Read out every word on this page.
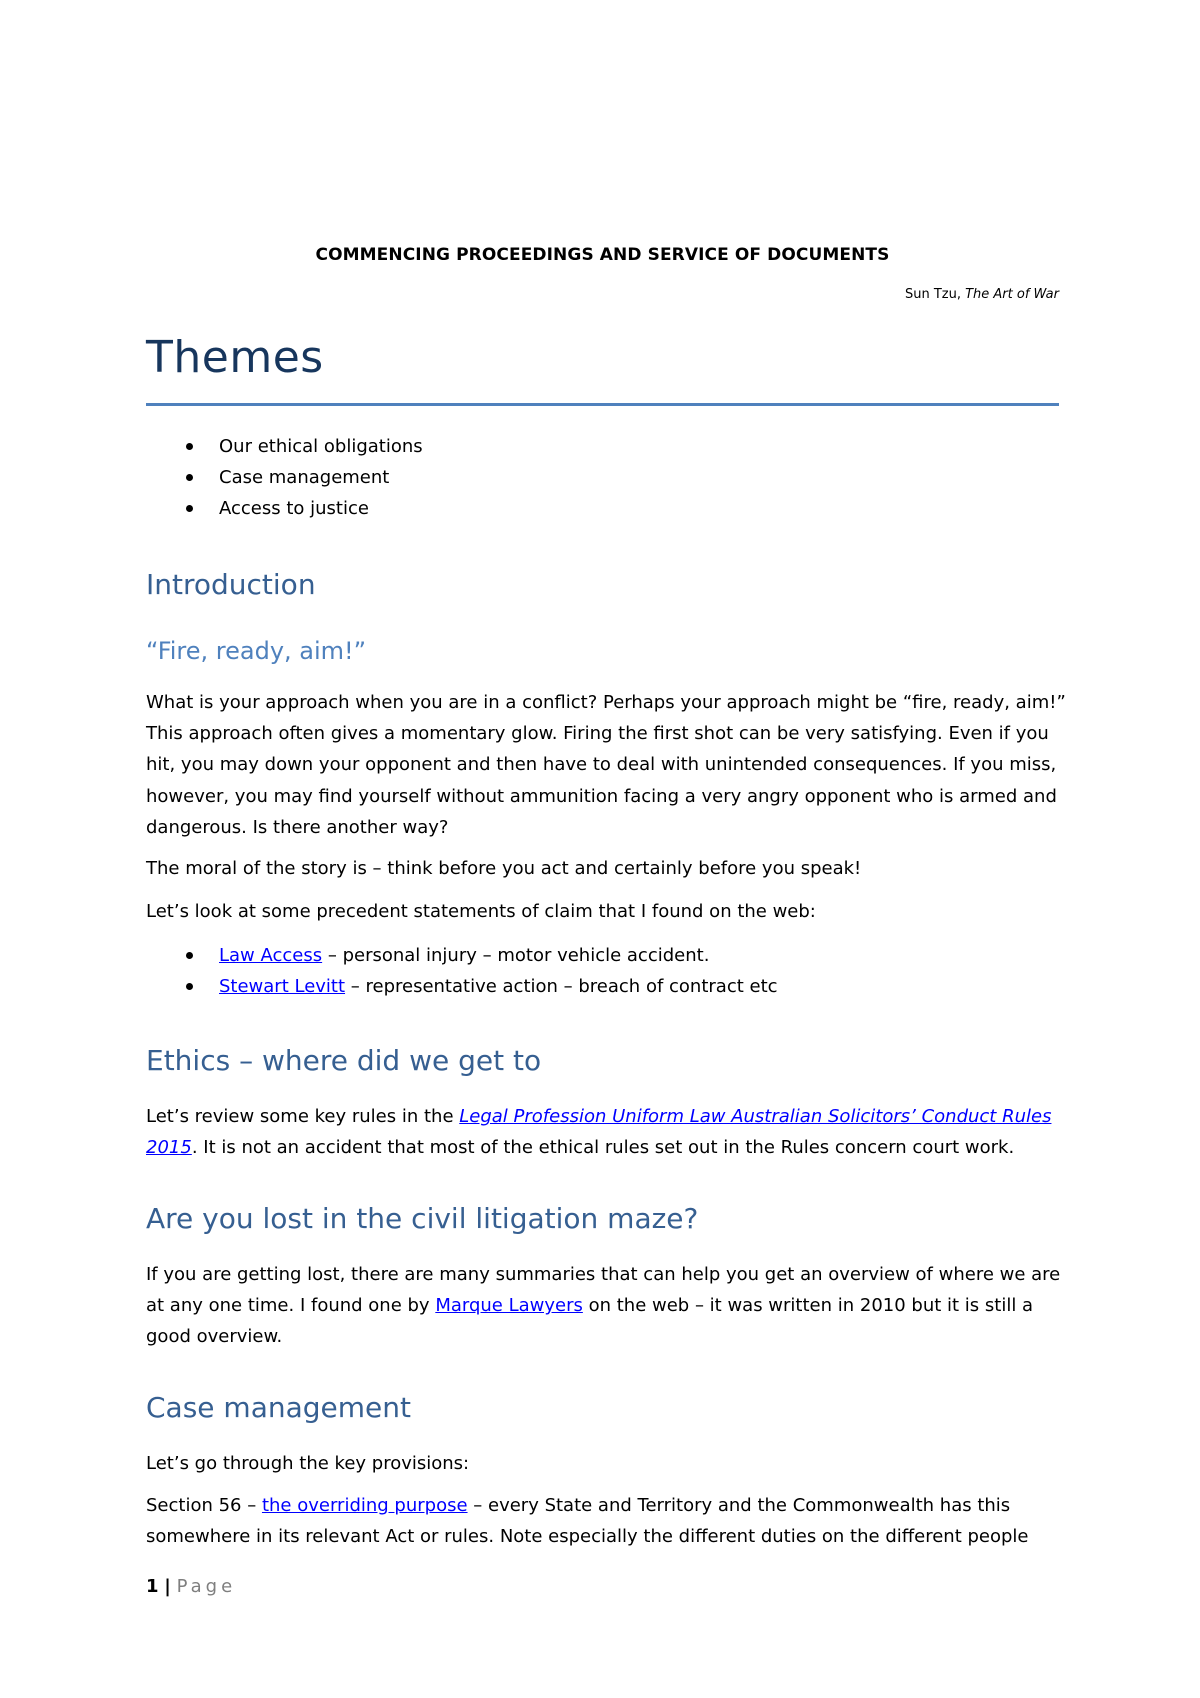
COMMENCING PROCEEDINGS AND SERVICE OF DOCUMENTS
Sun Tzu, The Art of War
Themes
Our ethical obligations
Case management
Access to justice
Introduction
“Fire, ready, aim!”
What is your approach when you are in a conflict? Perhaps your approach might be “fire, ready, aim!” This approach often gives a momentary glow. Firing the first shot can be very satisfying. Even if you hit, you may down your opponent and then have to deal with unintended consequences. If you miss, however, you may find yourself without ammunition facing a very angry opponent who is armed and dangerous. Is there another way?
The moral of the story is – think before you act and certainly before you speak!
Let’s look at some precedent statements of claim that I found on the web:
Law Access – personal injury – motor vehicle accident.
Stewart Levitt – representative action – breach of contract etc
Ethics – where did we get to
Let’s review some key rules in the Legal Profession Uniform Law Australian Solicitors’ Conduct Rules 2015. It is not an accident that most of the ethical rules set out in the Rules concern court work.
Are you lost in the civil litigation maze?
If you are getting lost, there are many summaries that can help you get an overview of where we are at any one time. I found one by Marque Lawyers on the web – it was written in 2010 but it is still a good overview.
Case management
Let’s go through the key provisions:
Section 56 – the overriding purpose – every State and Territory and the Commonwealth has this somewhere in its relevant Act or rules. Note especially the different duties on the different people
1 | Page
